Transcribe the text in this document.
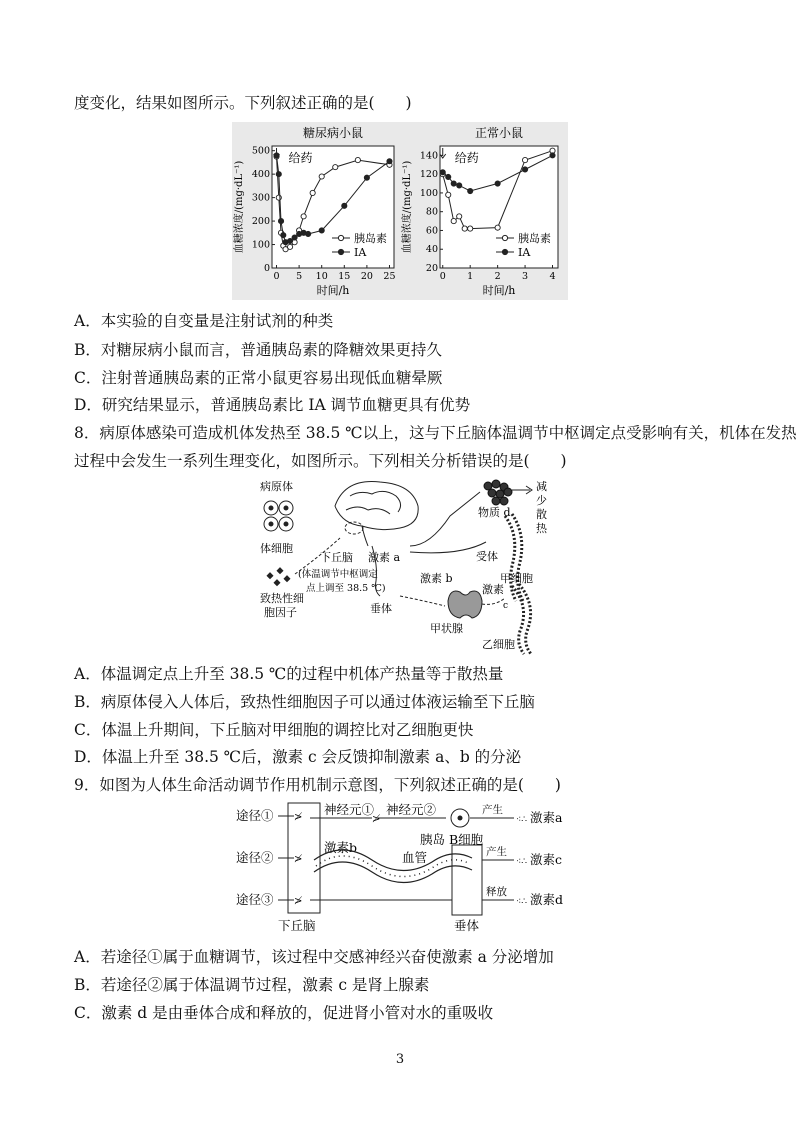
度变化，结果如图所示。下列叙述正确的是(　　)
糖尿病小鼠
0 5 10 15 20 25
0
100
200
300
400
500
时间/h
血糖浓度/(mg·dL⁻¹)
给药
胰岛素
IA
正常小鼠
0 1 2 3 4
20
40
60
80
100
120
140
时间/h
血糖浓度/(mg·dL⁻¹)
给药
胰岛素
IA
A．本实验的自变量是注射试剂的种类
B．对糖尿病小鼠而言，普通胰岛素的降糖效果更持久
C．注射普通胰岛素的正常小鼠更容易出现低血糖晕厥
D．研究结果显示，普通胰岛素比 IA 调节血糖更具有优势
8．病原体感染可造成机体发热至 38.5 ℃以上，这与下丘脑体温调节中枢调定点受影响有关，机体在发热
过程中会发生一系列生理变化，如图所示。下列相关分析错误的是(　　)
病原体
体细胞
致热性细
胞因子
下丘脑 激素 a
(体温调节中枢调定
点上调至 38.5 ℃)
垂体
激素 b
甲状腺
激素
c
减
少
散
热
物质 d
受体
甲细胞
乙细胞
A．体温调定点上升至 38.5 ℃的过程中机体产热量等于散热量
B．病原体侵入人体后，致热性细胞因子可以通过体液运输至下丘脑
C．体温上升期间，下丘脑对甲细胞的调控比对乙细胞更快
D．体温上升至 38.5 ℃后，激素 c 会反馈抑制激素 a、b 的分泌
9．如图为人体生命活动调节作用机制示意图，下列叙述正确的是(　　)
途径①
途径②
途径③
下丘脑
≯
≯
≯
神经元① 神经元②
≯
胰岛 B细胞
产生
⁖∴ 激素a
激素b
血管
垂体
产生
⁖∴ 激素c
释放
⁖∴ 激素d
A．若途径①属于血糖调节，该过程中交感神经兴奋使激素 a 分泌增加
B．若途径②属于体温调节过程，激素 c 是肾上腺素
C．激素 d 是由垂体合成和释放的，促进肾小管对水的重吸收
3
